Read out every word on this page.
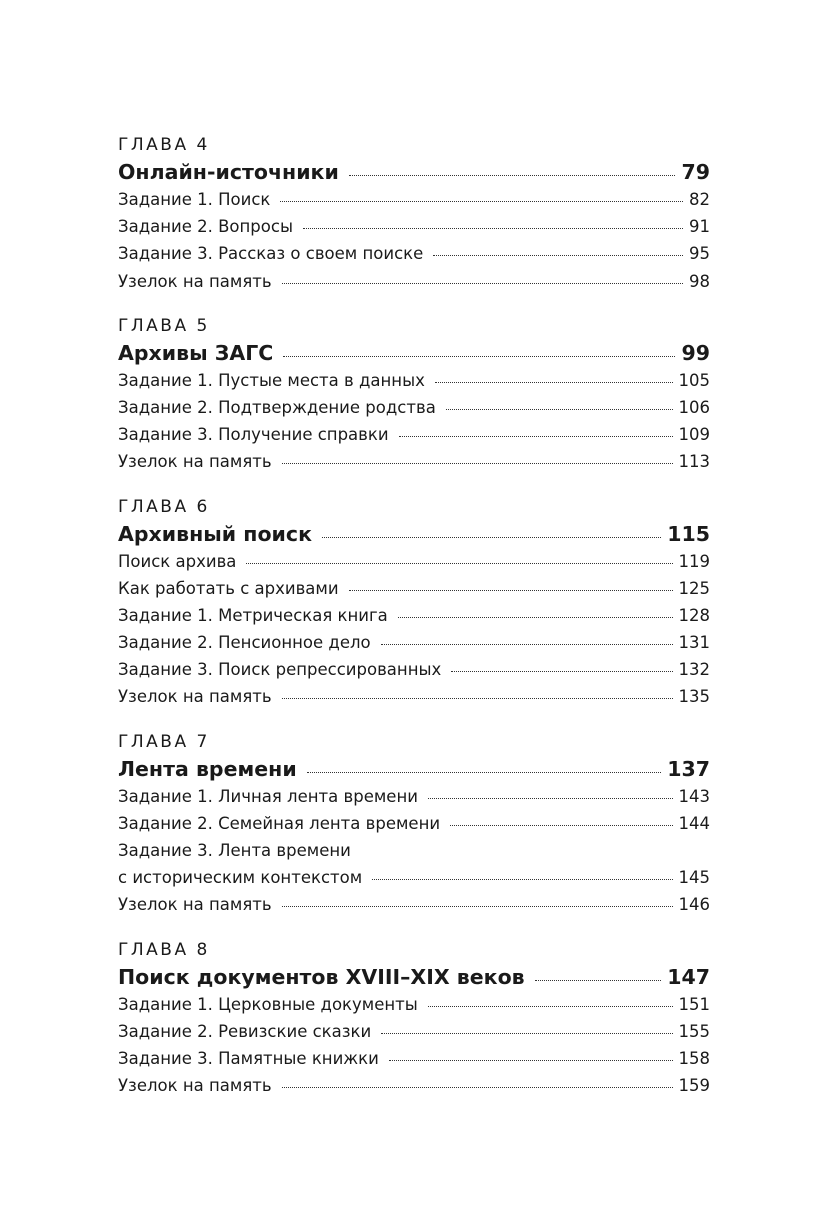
ГЛАВА 4
Онлайн-источники	79
Задание 1. Поиск	82
Задание 2. Вопросы	91
Задание 3. Рассказ о своем поиске	95
Узелок на память	98
ГЛАВА 5
Архивы ЗАГС	99
Задание 1. Пустые места в данных	105
Задание 2. Подтверждение родства	106
Задание 3. Получение справки	109
Узелок на память	113
ГЛАВА 6
Архивный поиск	115
Поиск архива	119
Как работать с архивами	125
Задание 1. Метрическая книга	128
Задание 2. Пенсионное дело	131
Задание 3. Поиск репрессированных	132
Узелок на память	135
ГЛАВА 7
Лента времени	137
Задание 1. Личная лента времени	143
Задание 2. Семейная лента времени	144
Задание 3. Лента времени
с историческим контекстом	145
Узелок на память	146
ГЛАВА 8
Поиск документов XVIII–XIX веков	147
Задание 1. Церковные документы	151
Задание 2. Ревизские сказки	155
Задание 3. Памятные книжки	158
Узелок на память	159
